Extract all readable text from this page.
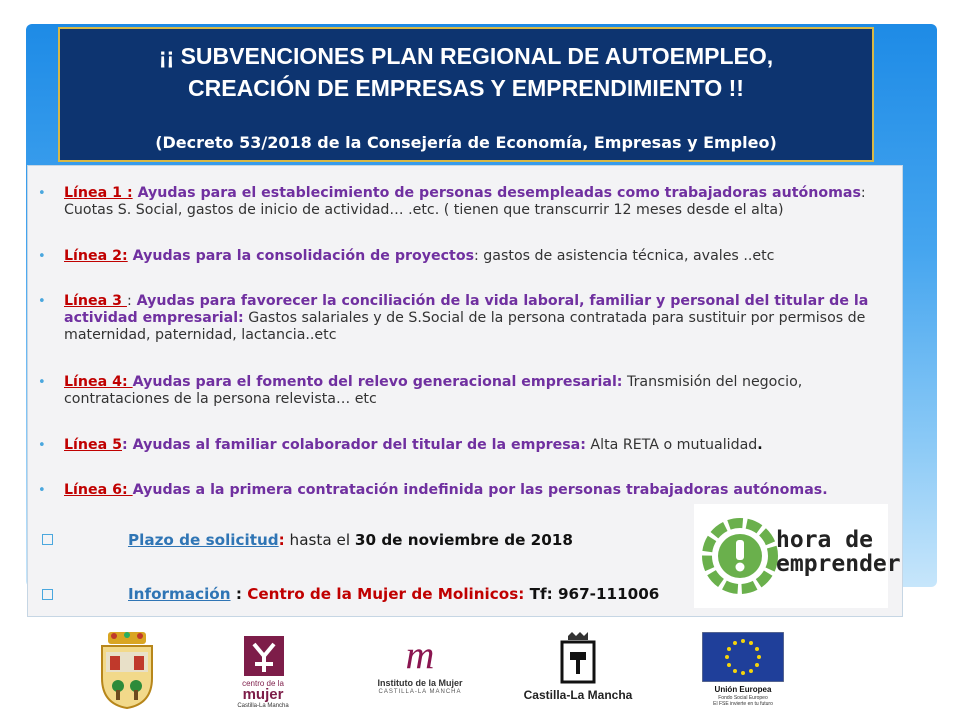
¡¡ SUBVENCIONES PLAN REGIONAL DE AUTOEMPLEO,
CREACIÓN DE EMPRESAS Y EMPRENDIMIENTO !!
(Decreto 53/2018 de la Consejería de Economía, Empresas y Empleo)
• Línea 1 : Ayudas para el establecimiento de personas desempleadas como trabajadoras autónomas:
Cuotas S. Social, gastos de inicio de actividad… .etc. ( tienen que transcurrir 12 meses desde el alta)
• Línea 2: Ayudas para la consolidación de proyectos: gastos de asistencia técnica, avales ..etc
• Línea 3 : Ayudas para favorecer la conciliación de la vida laboral, familiar y personal del titular de la actividad empresarial: Gastos salariales y de S.Social de la persona contratada para sustituir por permisos de maternidad, paternidad, lactancia..etc
• Línea 4: Ayudas para el fomento del relevo generacional empresarial: Transmisión del negocio, contrataciones de la persona relevista… etc
• Línea 5: Ayudas al familiar colaborador del titular de la empresa: Alta RETA o mutualidad.
• Línea 6: Ayudas a la primera contratación indefinida por las personas trabajadoras autónomas.
Plazo de solicitud: hasta el 30 de noviembre de 2018
Información : Centro de la Mujer de Molinicos: Tf: 967-111006
hora de
emprender
centro de la
mujer
Castilla-La Mancha
m
Instituto de la Mujer
CASTILLA-LA MANCHA	Castilla-La Mancha	Unión Europea
Fondo Social Europeo
El FSE invierte en tu futuro
